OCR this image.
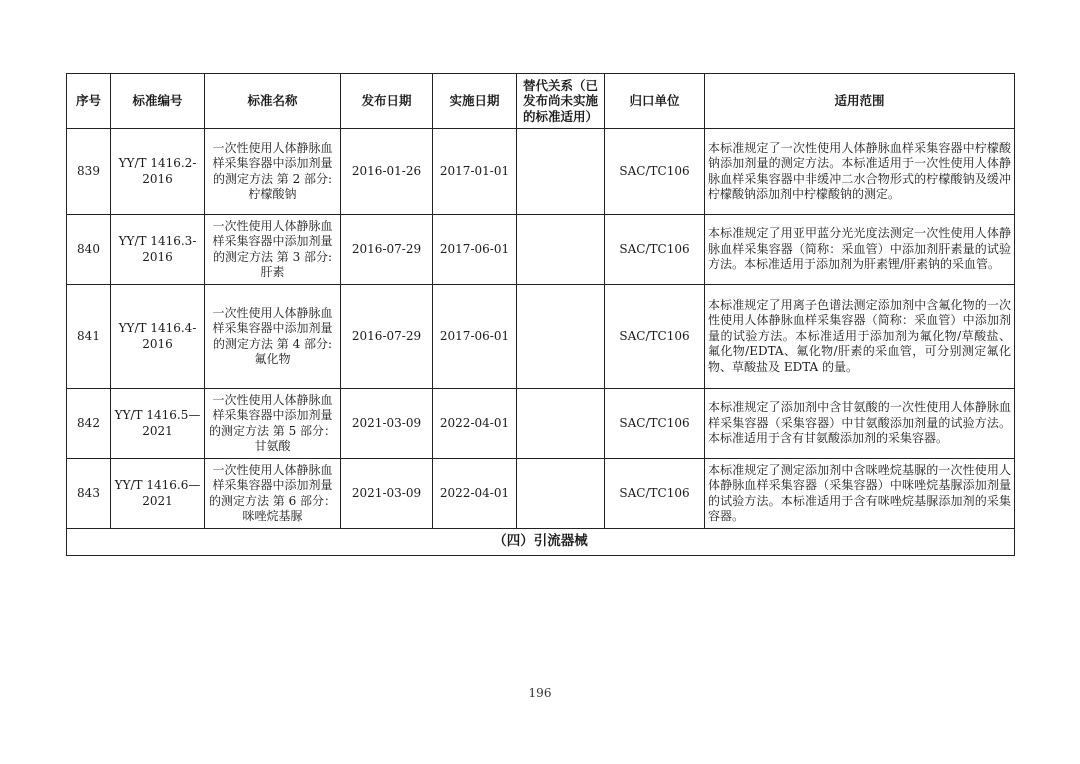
序号	标准编号	标准名称	发布日期	实施日期	替代关系（已发布尚未实施的标准适用）	归口单位	适用范围
839	YY/T 1416.2-2016	一次性使用人体静脉血样采集容器中添加剂量的测定方法 第 2 部分: 柠檬酸钠	2016-01-26	2017-01-01		SAC/TC106	本标准规定了一次性使用人体静脉血样采集容器中柠檬酸钠添加剂量的测定方法。本标准适用于一次性使用人体静脉血样采集容器中非缓冲二水合物形式的柠檬酸钠及缓冲柠檬酸钠添加剂中柠檬酸钠的测定。
840	YY/T 1416.3-2016	一次性使用人体静脉血样采集容器中添加剂量的测定方法 第 3 部分:肝素	2016-07-29	2017-06-01		SAC/TC106	本标准规定了用亚甲蓝分光光度法测定一次性使用人体静脉血样采集容器（简称：采血管）中添加剂肝素量的试验方法。本标准适用于添加剂为肝素锂/肝素钠的采血管。
841	YY/T 1416.4-2016	一次性使用人体静脉血样采集容器中添加剂量的测定方法 第 4 部分:氟化物	2016-07-29	2017-06-01		SAC/TC106	本标准规定了用离子色谱法测定添加剂中含氟化物的一次性使用人体静脉血样采集容器（简称：采血管）中添加剂量的试验方法。本标准适用于添加剂为氟化物/草酸盐、氟化物/EDTA、氟化物/肝素的采血管，可分别测定氟化物、草酸盐及 EDTA 的量。
842	YY/T 1416.5—2021	一次性使用人体静脉血样采集容器中添加剂量的测定方法 第 5 部分：甘氨酸	2021-03-09	2022-04-01		SAC/TC106	本标准规定了添加剂中含甘氨酸的一次性使用人体静脉血样采集容器（采集容器）中甘氨酸添加剂量的试验方法。本标准适用于含有甘氨酸添加剂的采集容器。
843	YY/T 1416.6—2021	一次性使用人体静脉血样采集容器中添加剂量的测定方法 第 6 部分：咪唑烷基脲	2021-03-09	2022-04-01		SAC/TC106	本标准规定了测定添加剂中含咪唑烷基脲的一次性使用人体静脉血样采集容器（采集容器）中咪唑烷基脲添加剂量的试验方法。本标准适用于含有咪唑烷基脲添加剂的采集容器。
（四）引流器械							
196
